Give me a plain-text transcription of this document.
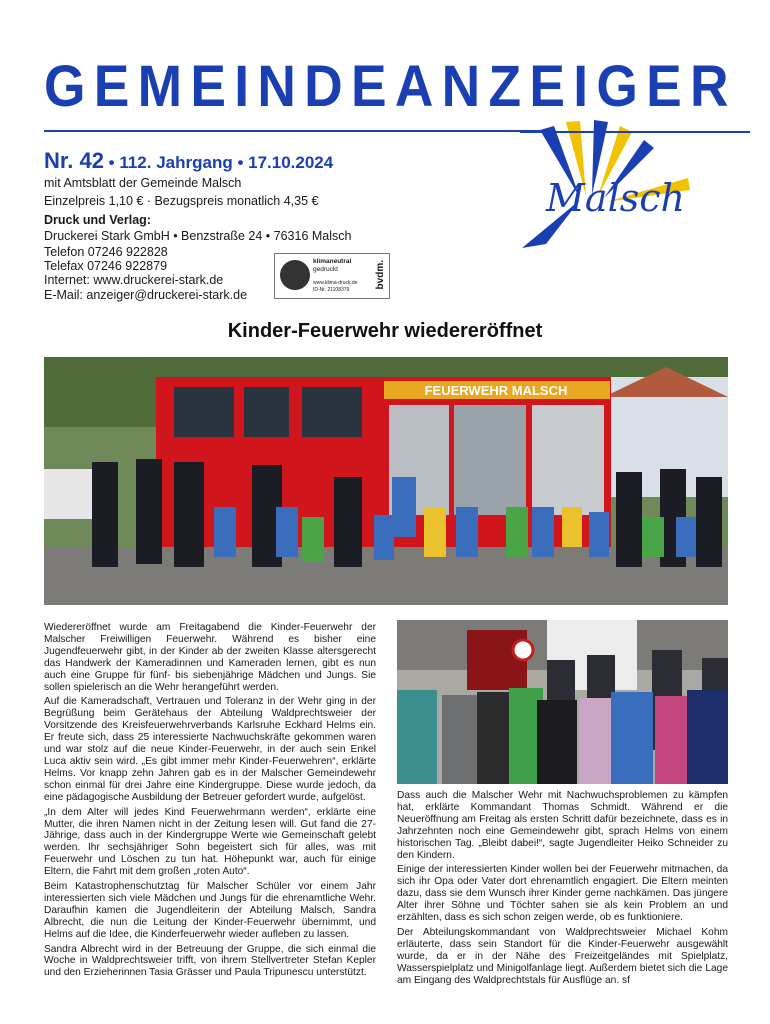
GEMEINDEANZEIGER
Nr. 42 • 112. Jahrgang • 17.10.2024
mit Amtsblatt der Gemeinde Malsch
Einzelpreis 1,10 € · Bezugspreis monatlich 4,35 €
Druck und Verlag:
Druckerei Stark GmbH • Benzstraße 24 • 76316 Malsch
Telefon 07246 922828
Telefax 07246 922879
Internet: www.druckerei-stark.de
E-Mail: anzeiger@druckerei-stark.de
Malsch
klimaneutral
gedruckt
www.klima-druck.de
ID-Nr. 21108379
bvdm.
Kinder-Feuerwehr wiedereröffnet
FEUERWEHR MALSCH

Wiedereröffnet wurde am Freitagabend die Kinder-Feuerwehr der Malscher Freiwilligen Feuerwehr. Während es bisher eine Jugendfeuerwehr gibt, in der Kinder ab der zweiten Klasse altersgerecht das Handwerk der Kameradinnen und Kameraden lernen, gibt es nun auch eine Gruppe für fünf- bis siebenjährige Mädchen und Jungs. Sie sollen spielerisch an die Wehr herangeführt werden.

Auf die Kameradschaft, Vertrauen und Toleranz in der Wehr ging in der Begrüßung beim Gerätehaus der Abteilung Waldprechtsweier der Vorsitzende des Kreisfeuerwehrverbands Karlsruhe Eckhard Helms ein. Er freute sich, dass 25 interessierte Nachwuchskräfte gekommen waren und war stolz auf die neue Kinder-Feuerwehr, in der auch sein Enkel Luca aktiv sein wird. „Es gibt immer mehr Kinder-Feuerwehren“, erklärte Helms. Vor knapp zehn Jahren gab es in der Malscher Gemeindewehr schon einmal für drei Jahre eine Kindergruppe. Diese wurde jedoch, da eine pädagogische Ausbildung der Betreuer gefordert wurde, aufgelöst.

„In dem Alter will jedes Kind Feuerwehrmann werden“, erklärte eine Mutter, die ihren Namen nicht in der Zeitung lesen will. Gut fand die 27-Jährige, dass auch in der Kindergruppe Werte wie Gemeinschaft gelebt werden. Ihr sechsjähriger Sohn begeistert sich für alles, was mit Feuerwehr und Löschen zu tun hat. Höhepunkt war, auch für einige Eltern, die Fahrt mit dem großen „roten Auto“.

Beim Katastrophenschutztag für Malscher Schüler vor einem Jahr interessierten sich viele Mädchen und Jungs für die ehrenamtliche Wehr. Daraufhin kamen die Jugendleiterin der Abteilung Malsch, Sandra Albrecht, die nun die Leitung der Kinder-Feuerwehr übernimmt, und Helms auf die Idee, die Kinderfeuerwehr wieder aufleben zu lassen.

Sandra Albrecht wird in der Betreuung der Gruppe, die sich einmal die Woche in Waldprechtsweier trifft, von ihrem Stellvertreter Stefan Kepler und den Erzieherinnen Tasia Grässer und Paula Tripunescu unterstützt.

Dass auch die Malscher Wehr mit Nachwuchsproblemen zu kämpfen hat, erklärte Kommandant Thomas Schmidt. Während er die Neueröffnung am Freitag als ersten Schritt dafür bezeichnete, dass es in Jahrzehnten noch eine Gemeindewehr gibt, sprach Helms von einem historischen Tag. „Bleibt dabei!“, sagte Jugendleiter Heiko Schneider zu den Kindern.

Einige der interessierten Kinder wollen bei der Feuerwehr mitmachen, da sich ihr Opa oder Vater dort ehrenamtlich engagiert. Die Eltern meinten dazu, dass sie dem Wunsch ihrer Kinder gerne nachkämen. Das jüngere Alter ihrer Söhne und Töchter sahen sie als kein Problem an und erzählten, dass es sich schon zeigen werde, ob es funktioniere.

Der Abteilungskommandant von Waldprechtsweier Michael Kohm erläuterte, dass sein Standort für die Kinder-Feuerwehr ausgewählt wurde, da er in der Nähe des Freizeitgeländes mit Spielplatz, Wasserspielplatz und Minigolfanlage liegt. Außerdem bietet sich die Lage am Eingang des Waldprechtstals für Ausflüge an. sf
